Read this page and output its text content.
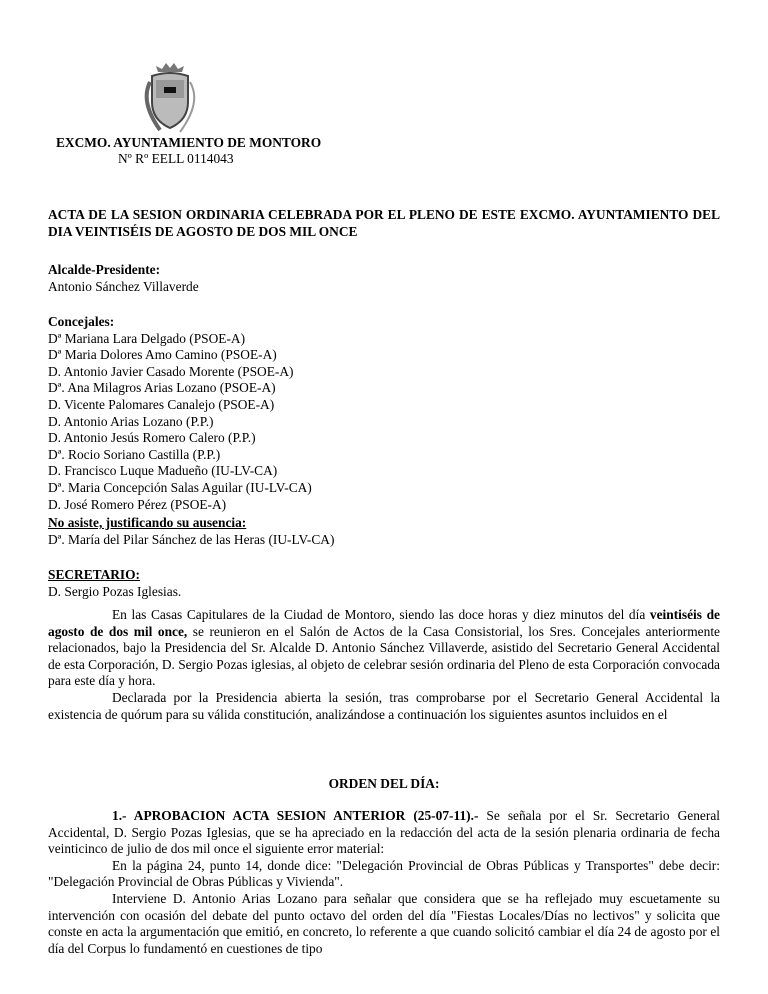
EXCMO. AYUNTAMIENTO DE MONTORO
Nº Rº EELL 0114043

ACTA DE LA SESION ORDINARIA CELEBRADA POR EL PLENO DE ESTE EXCMO. AYUNTAMIENTO DEL DIA VEINTISÉIS DE AGOSTO DE DOS MIL ONCE

Alcalde-Presidente:
Antonio Sánchez Villaverde
Concejales:
Dª Mariana Lara Delgado (PSOE-A)
Dª Maria Dolores Amo Camino (PSOE-A)
D. Antonio Javier Casado Morente (PSOE-A)
Dª. Ana Milagros Arias Lozano (PSOE-A)
D. Vicente Palomares Canalejo (PSOE-A)
D. Antonio Arias Lozano (P.P.)
D. Antonio Jesús Romero Calero (P.P.)
Dª. Rocio Soriano Castilla (P.P.)
D. Francisco Luque Madueño (IU-LV-CA)
Dª. Maria Concepción Salas Aguilar (IU-LV-CA)
D. José Romero Pérez (PSOE-A)
No asiste, justificando su ausencia:
Dª. María del Pilar Sánchez de las Heras (IU-LV-CA)
SECRETARIO:
D. Sergio Pozas Iglesias.

En las Casas Capitulares de la Ciudad de Montoro, siendo las doce horas y diez minutos del día veintiséis de agosto de dos mil once, se reunieron en el Salón de Actos de la Casa Consistorial, los Sres. Concejales anteriormente relacionados, bajo la Presidencia del Sr. Alcalde D. Antonio Sánchez Villaverde, asistido del Secretario General Accidental de esta Corporación, D. Sergio Pozas iglesias, al objeto de celebrar sesión ordinaria del Pleno de esta Corporación convocada para este día y hora.

Declarada por la Presidencia abierta la sesión, tras comprobarse por el Secretario General Accidental la existencia de quórum para su válida constitución, analizándose a continuación los siguientes asuntos incluidos en el

ORDEN DEL DÍA:

1.- APROBACION ACTA SESION ANTERIOR (25-07-11).- Se señala por el Sr. Secretario General Accidental, D. Sergio Pozas Iglesias, que se ha apreciado en la redacción del acta de la sesión plenaria ordinaria de fecha veinticinco de julio de dos mil once el siguiente error material:

En la página 24, punto 14, donde dice: "Delegación Provincial de Obras Públicas y Transportes" debe decir: "Delegación Provincial de Obras Públicas y Vivienda".

Interviene D. Antonio Arias Lozano para señalar que considera que se ha reflejado muy escuetamente su intervención con ocasión del debate del punto octavo del orden del día "Fiestas Locales/Días no lectivos" y solicita que conste en acta la argumentación que emitió, en concreto, lo referente a que cuando solicitó cambiar el día 24 de agosto por el día del Corpus lo fundamentó en cuestiones de tipo
